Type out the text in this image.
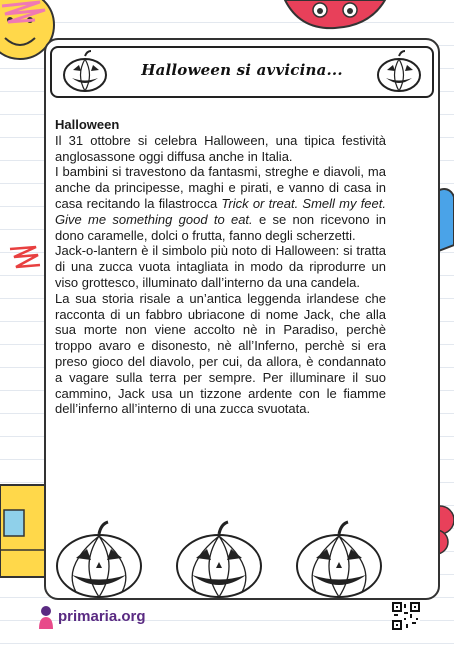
Halloween si avvicina...

Halloween

Il 31 ottobre si celebra Halloween, una tipica festività anglosassone oggi diffusa anche in Italia.

I bambini si travestono da fantasmi, streghe e diavoli, ma anche da principesse, maghi e pirati, e vanno di casa in casa recitando la filastrocca Trick or treat. Smell my feet. Give me something good to eat. e se non ricevono in dono caramelle, dolci o frutta, fanno degli scherzetti.

Jack-o-lantern è il simbolo più noto di Halloween: si tratta di una zucca vuota intagliata in modo da riprodurre un viso grottesco, illuminato dall’interno da una candela.

La sua storia risale a un’antica leggenda irlandese che racconta di un fabbro ubriacone di nome Jack, che alla sua morte non viene accolto nè in Paradiso, perchè troppo avaro e disonesto, nè all’Inferno, perchè si era preso gioco del diavolo, per cui, da allora, è condannato a vagare sulla terra per sempre. Per illuminare il suo cammino, Jack usa un tizzone ardente con le fiamme dell’inferno all’interno di una zucca svuotata.

primaria.org
